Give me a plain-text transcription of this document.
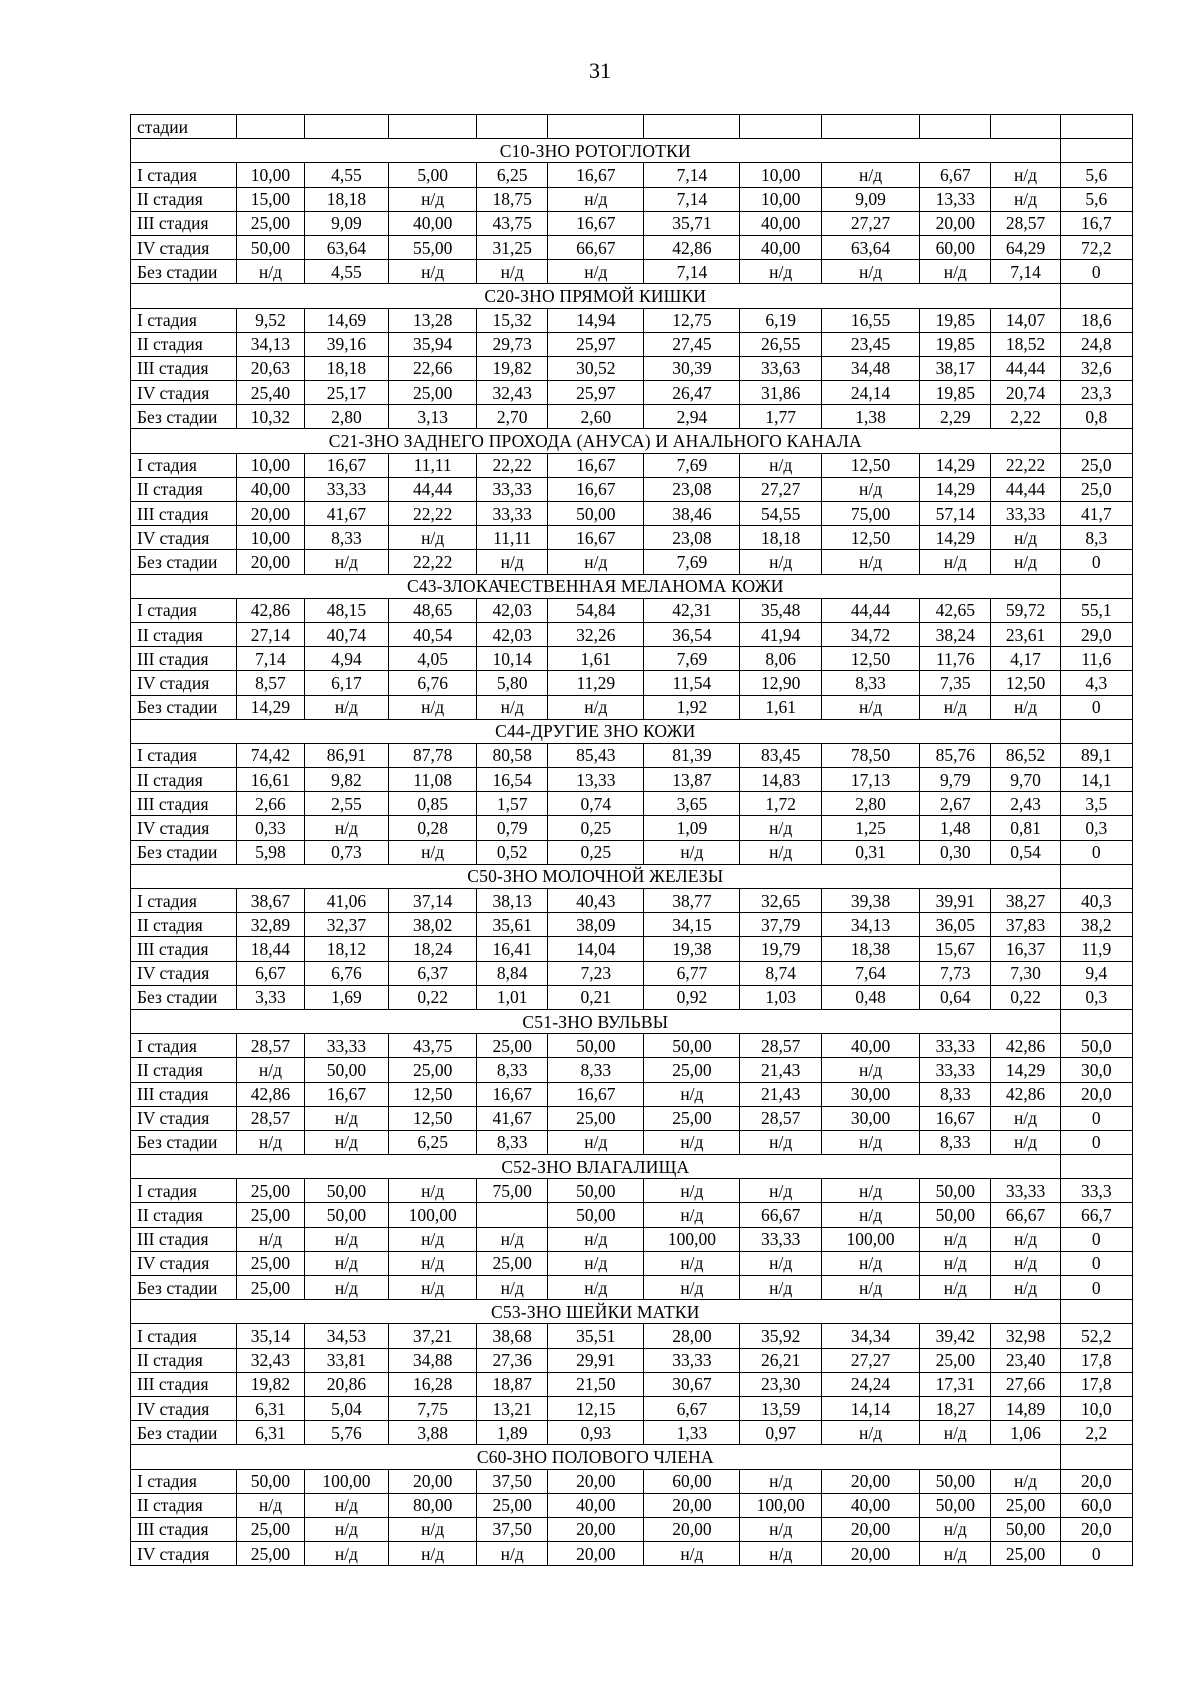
31
стадии											
С10-ЗНО РОТОГЛОТКИ											
I стадия	10,00	4,55	5,00	6,25	16,67	7,14	10,00	н/д	6,67	н/д	5,6
II стадия	15,00	18,18	н/д	18,75	н/д	7,14	10,00	9,09	13,33	н/д	5,6
III стадия	25,00	9,09	40,00	43,75	16,67	35,71	40,00	27,27	20,00	28,57	16,7
IV стадия	50,00	63,64	55,00	31,25	66,67	42,86	40,00	63,64	60,00	64,29	72,2
Без стадии	н/д	4,55	н/д	н/д	н/д	7,14	н/д	н/д	н/д	7,14	0
С20-ЗНО ПРЯМОЙ КИШКИ											
I стадия	9,52	14,69	13,28	15,32	14,94	12,75	6,19	16,55	19,85	14,07	18,6
II стадия	34,13	39,16	35,94	29,73	25,97	27,45	26,55	23,45	19,85	18,52	24,8
III стадия	20,63	18,18	22,66	19,82	30,52	30,39	33,63	34,48	38,17	44,44	32,6
IV стадия	25,40	25,17	25,00	32,43	25,97	26,47	31,86	24,14	19,85	20,74	23,3
Без стадии	10,32	2,80	3,13	2,70	2,60	2,94	1,77	1,38	2,29	2,22	0,8
С21-ЗНО ЗАДНЕГО ПРОХОДА (АНУСА) И АНАЛЬНОГО КАНАЛА											
I стадия	10,00	16,67	11,11	22,22	16,67	7,69	н/д	12,50	14,29	22,22	25,0
II стадия	40,00	33,33	44,44	33,33	16,67	23,08	27,27	н/д	14,29	44,44	25,0
III стадия	20,00	41,67	22,22	33,33	50,00	38,46	54,55	75,00	57,14	33,33	41,7
IV стадия	10,00	8,33	н/д	11,11	16,67	23,08	18,18	12,50	14,29	н/д	8,3
Без стадии	20,00	н/д	22,22	н/д	н/д	7,69	н/д	н/д	н/д	н/д	0
С43-ЗЛОКАЧЕСТВЕННАЯ МЕЛАНОМА КОЖИ											
I стадия	42,86	48,15	48,65	42,03	54,84	42,31	35,48	44,44	42,65	59,72	55,1
II стадия	27,14	40,74	40,54	42,03	32,26	36,54	41,94	34,72	38,24	23,61	29,0
III стадия	7,14	4,94	4,05	10,14	1,61	7,69	8,06	12,50	11,76	4,17	11,6
IV стадия	8,57	6,17	6,76	5,80	11,29	11,54	12,90	8,33	7,35	12,50	4,3
Без стадии	14,29	н/д	н/д	н/д	н/д	1,92	1,61	н/д	н/д	н/д	0
С44-ДРУГИЕ ЗНО КОЖИ											
I стадия	74,42	86,91	87,78	80,58	85,43	81,39	83,45	78,50	85,76	86,52	89,1
II стадия	16,61	9,82	11,08	16,54	13,33	13,87	14,83	17,13	9,79	9,70	14,1
III стадия	2,66	2,55	0,85	1,57	0,74	3,65	1,72	2,80	2,67	2,43	3,5
IV стадия	0,33	н/д	0,28	0,79	0,25	1,09	н/д	1,25	1,48	0,81	0,3
Без стадии	5,98	0,73	н/д	0,52	0,25	н/д	н/д	0,31	0,30	0,54	0
С50-ЗНО МОЛОЧНОЙ ЖЕЛЕЗЫ											
I стадия	38,67	41,06	37,14	38,13	40,43	38,77	32,65	39,38	39,91	38,27	40,3
II стадия	32,89	32,37	38,02	35,61	38,09	34,15	37,79	34,13	36,05	37,83	38,2
III стадия	18,44	18,12	18,24	16,41	14,04	19,38	19,79	18,38	15,67	16,37	11,9
IV стадия	6,67	6,76	6,37	8,84	7,23	6,77	8,74	7,64	7,73	7,30	9,4
Без стадии	3,33	1,69	0,22	1,01	0,21	0,92	1,03	0,48	0,64	0,22	0,3
С51-ЗНО ВУЛЬВЫ											
I стадия	28,57	33,33	43,75	25,00	50,00	50,00	28,57	40,00	33,33	42,86	50,0
II стадия	н/д	50,00	25,00	8,33	8,33	25,00	21,43	н/д	33,33	14,29	30,0
III стадия	42,86	16,67	12,50	16,67	16,67	н/д	21,43	30,00	8,33	42,86	20,0
IV стадия	28,57	н/д	12,50	41,67	25,00	25,00	28,57	30,00	16,67	н/д	0
Без стадии	н/д	н/д	6,25	8,33	н/д	н/д	н/д	н/д	8,33	н/д	0
С52-ЗНО ВЛАГАЛИЩА											
I стадия	25,00	50,00	н/д	75,00	50,00	н/д	н/д	н/д	50,00	33,33	33,3
II стадия	25,00	50,00	100,00		50,00	н/д	66,67	н/д	50,00	66,67	66,7
III стадия	н/д	н/д	н/д	н/д	н/д	100,00	33,33	100,00	н/д	н/д	0
IV стадия	25,00	н/д	н/д	25,00	н/д	н/д	н/д	н/д	н/д	н/д	0
Без стадии	25,00	н/д	н/д	н/д	н/д	н/д	н/д	н/д	н/д	н/д	0
С53-ЗНО ШЕЙКИ МАТКИ											
I стадия	35,14	34,53	37,21	38,68	35,51	28,00	35,92	34,34	39,42	32,98	52,2
II стадия	32,43	33,81	34,88	27,36	29,91	33,33	26,21	27,27	25,00	23,40	17,8
III стадия	19,82	20,86	16,28	18,87	21,50	30,67	23,30	24,24	17,31	27,66	17,8
IV стадия	6,31	5,04	7,75	13,21	12,15	6,67	13,59	14,14	18,27	14,89	10,0
Без стадии	6,31	5,76	3,88	1,89	0,93	1,33	0,97	н/д	н/д	1,06	2,2
С60-ЗНО ПОЛОВОГО ЧЛЕНА											
I стадия	50,00	100,00	20,00	37,50	20,00	60,00	н/д	20,00	50,00	н/д	20,0
II стадия	н/д	н/д	80,00	25,00	40,00	20,00	100,00	40,00	50,00	25,00	60,0
III стадия	25,00	н/д	н/д	37,50	20,00	20,00	н/д	20,00	н/д	50,00	20,0
IV стадия	25,00	н/д	н/д	н/д	20,00	н/д	н/д	20,00	н/д	25,00	0
